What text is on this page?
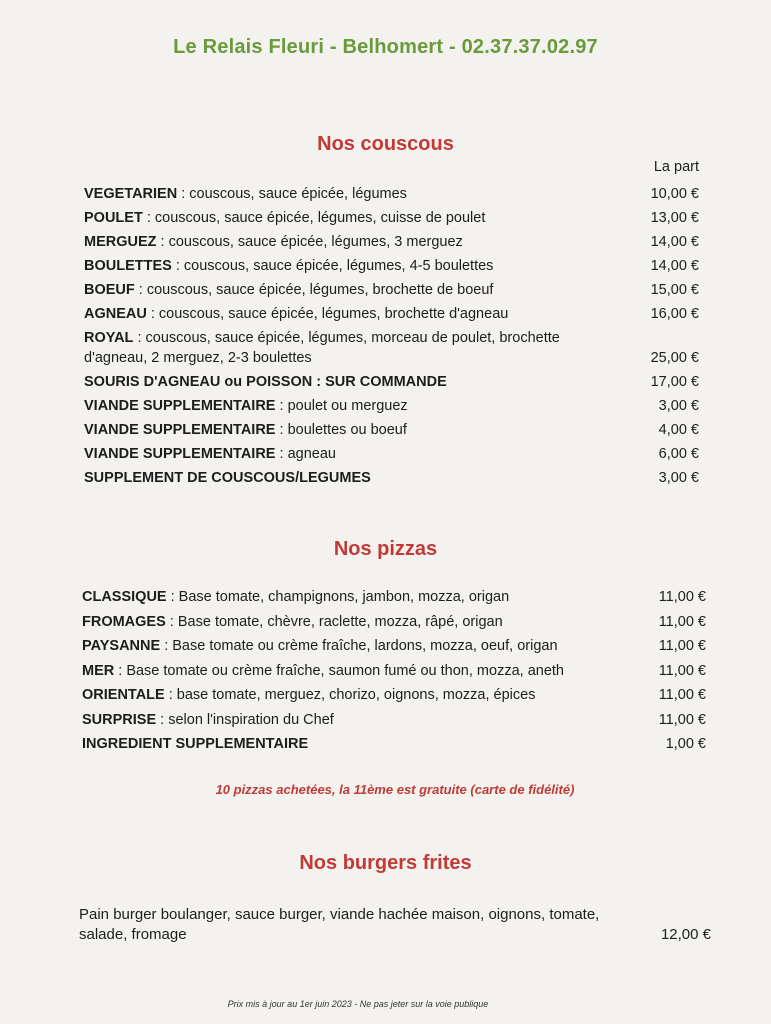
Le Relais Fleuri - Belhomert - 02.37.37.02.97
Nos couscous
La part
VEGETARIEN : couscous, sauce épicée, légumes	10,00 €
POULET : couscous, sauce épicée, légumes, cuisse de poulet	13,00 €
MERGUEZ : couscous, sauce épicée, légumes, 3 merguez	14,00 €
BOULETTES : couscous, sauce épicée, légumes, 4-5 boulettes	14,00 €
BOEUF : couscous, sauce épicée, légumes, brochette de boeuf	15,00 €
AGNEAU : couscous, sauce épicée, légumes, brochette d'agneau	16,00 €
ROYAL : couscous, sauce épicée, légumes, morceau de poulet, brochette d'agneau, 2 merguez, 2-3 boulettes	25,00 €
SOURIS D'AGNEAU ou POISSON : SUR COMMANDE	17,00 €
VIANDE SUPPLEMENTAIRE : poulet ou merguez	3,00 €
VIANDE SUPPLEMENTAIRE : boulettes ou boeuf	4,00 €
VIANDE SUPPLEMENTAIRE : agneau	6,00 €
SUPPLEMENT DE COUSCOUS/LEGUMES	3,00 €
Nos pizzas
CLASSIQUE : Base tomate, champignons, jambon, mozza, origan	11,00 €
FROMAGES : Base tomate, chèvre, raclette, mozza, râpé, origan	11,00 €
PAYSANNE : Base tomate ou crème fraîche, lardons, mozza, oeuf, origan	11,00 €
MER : Base tomate ou crème fraîche, saumon fumé ou thon, mozza, aneth	11,00 €
ORIENTALE : base tomate, merguez, chorizo, oignons, mozza, épices	11,00 €
SURPRISE : selon l'inspiration du Chef	11,00 €
INGREDIENT SUPPLEMENTAIRE	1,00 €
10 pizzas achetées, la 11ème est gratuite (carte de fidélité)
Nos burgers frites
Pain burger boulanger, sauce burger, viande hachée maison, oignons, tomate, salade, fromage	12,00 €
Prix mis à jour au 1er juin 2023 - Ne pas jeter sur la voie publique
